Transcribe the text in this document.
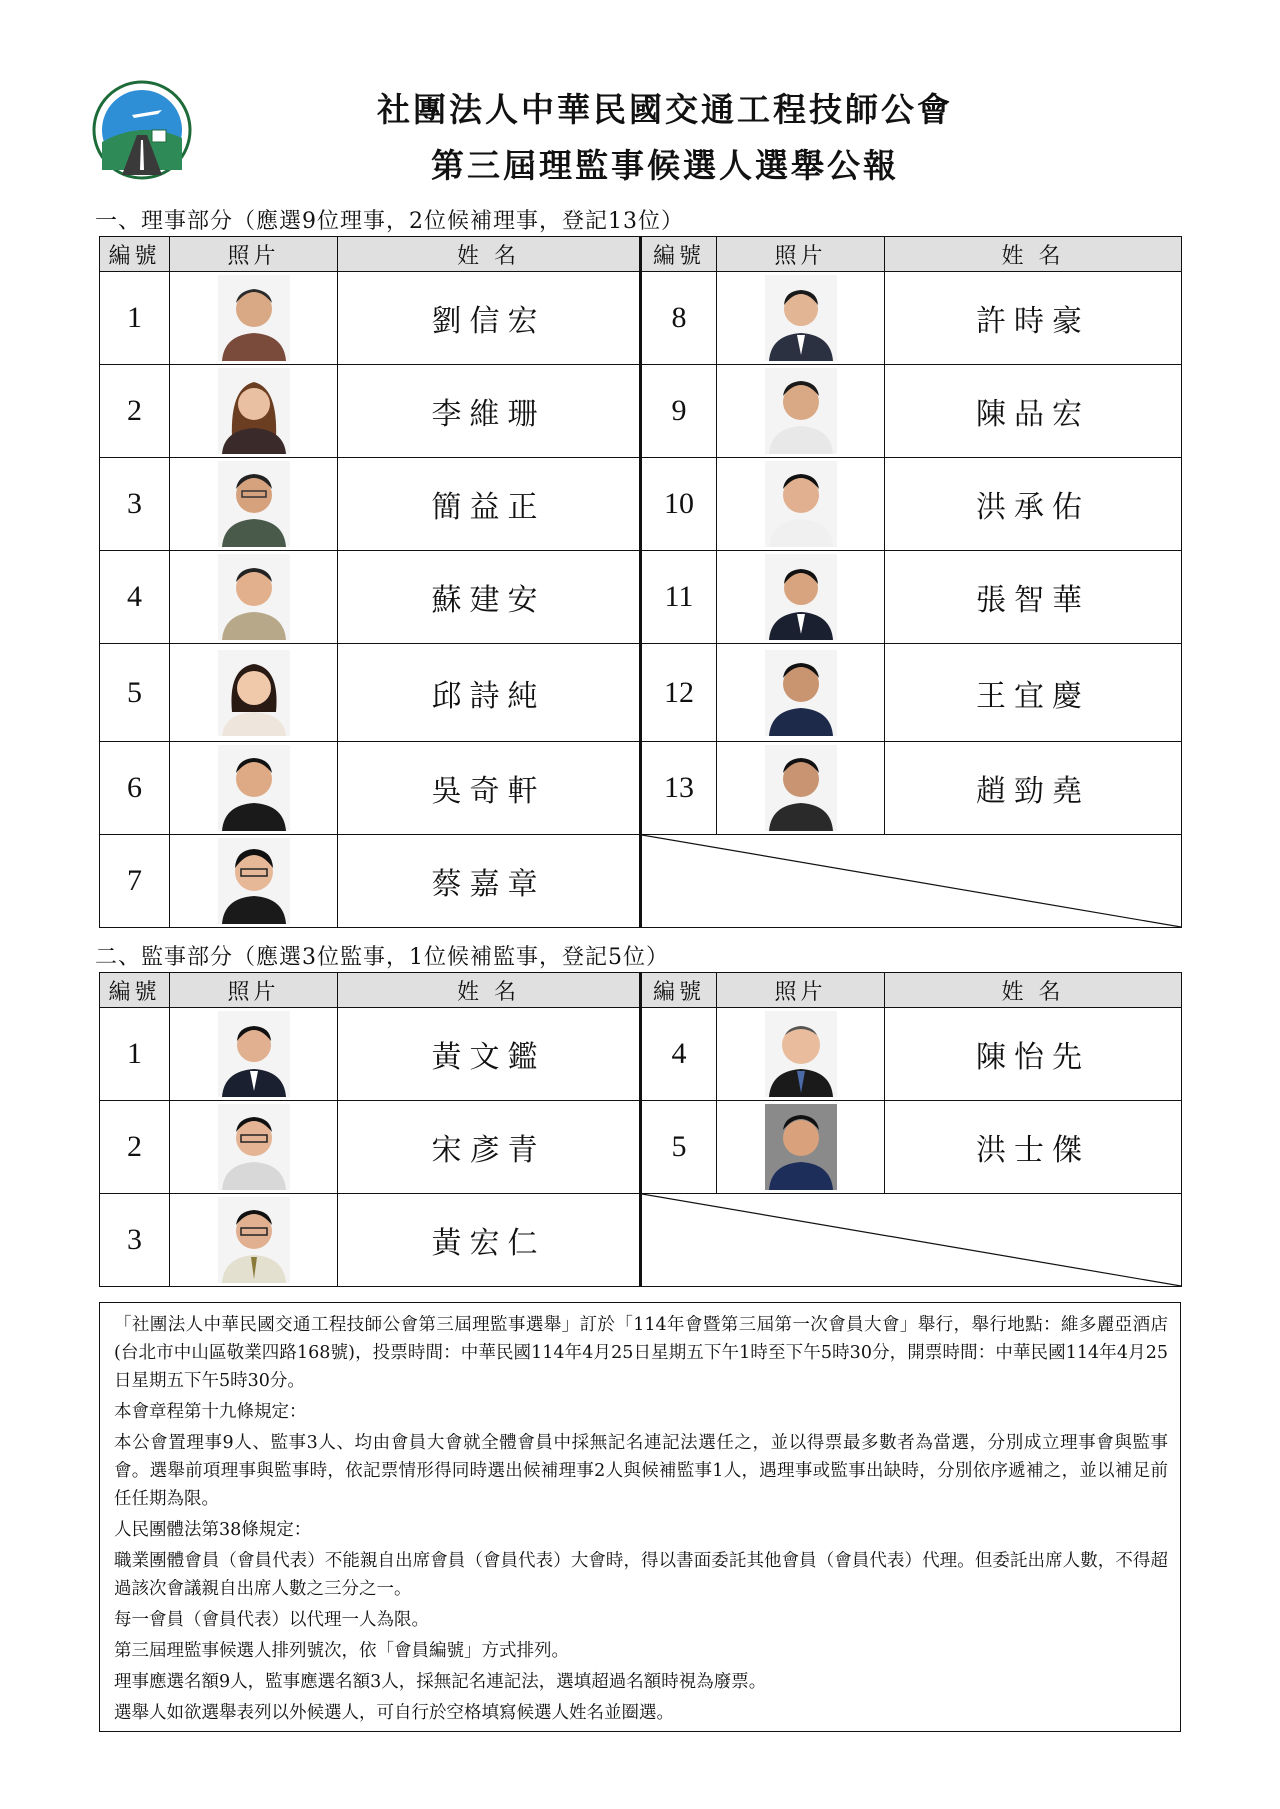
社團法人中華民國交通工程技師公會
第三屆理監事候選人選舉公報
一、理事部分（應選9位理事，2位候補理事，登記13位）
編號	照片	姓 名	編號	照片	姓 名
1		劉信宏	8		許時豪
2		李維珊	9		陳品宏
3		簡益正	10		洪承佑
4		蘇建安	11		張智華
5		邱詩純	12		王宜慶
6		吳奇軒	13		趙勁堯
7		蔡嘉章	
二、監事部分（應選3位監事，1位候補監事，登記5位）
編號	照片	姓 名	編號	照片	姓 名
1		黃文鑑	4		陳怡先
2		宋彥青	5		洪士傑
3		黃宏仁	

「社團法人中華民國交通工程技師公會第三屆理監事選舉」訂於「114年會暨第三屆第一次會員大會」舉行，舉行地點：維多麗亞酒店(台北市中山區敬業四路168號)，投票時間：中華民國114年4月25日星期五下午1時至下午5時30分，開票時間：中華民國114年4月25日星期五下午5時30分。

本會章程第十九條規定：

本公會置理事9人、監事3人、均由會員大會就全體會員中採無記名連記法選任之，並以得票最多數者為當選，分別成立理事會與監事會。選舉前項理事與監事時，依記票情形得同時選出候補理事2人與候補監事1人，遇理事或監事出缺時，分別依序遞補之，並以補足前任任期為限。

人民團體法第38條規定：

職業團體會員（會員代表）不能親自出席會員（會員代表）大會時，得以書面委託其他會員（會員代表）代理。但委託出席人數，不得超過該次會議親自出席人數之三分之一。

每一會員（會員代表）以代理一人為限。

第三屆理監事候選人排列號次，依「會員編號」方式排列。

理事應選名額9人，監事應選名額3人，採無記名連記法，選填超過名額時視為廢票。

選舉人如欲選舉表列以外候選人，可自行於空格填寫候選人姓名並圈選。
